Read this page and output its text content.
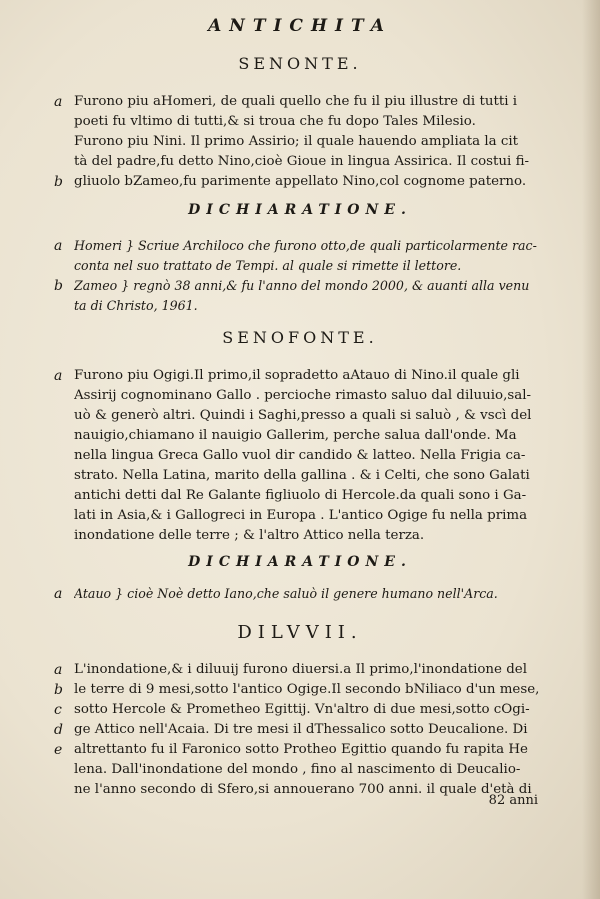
ANTICHITA
SENONTE.
a Furono piu aHomeri, de quali quello che fu il piu illustre di tutti i
poeti fu vltimo di tutti,& si troua che fu dopo Tales Milesio.
Furono piu Nini. Il primo Assirio; il quale hauendo ampliata la cit
tà del padre,fu detto Nino,cioè Gioue in lingua Assirica. Il costui fi-
b gliuolo bZameo,fu parimente appellato Nino,col cognome paterno.
DICHIARATIONE.
a Homeri } Scriue Archiloco che furono otto,de quali particolarmente rac-
conta nel suo trattato de Tempi. al quale si rimette il lettore.
b Zameo } regnò 38 anni,& fu l'anno del mondo 2000, & auanti alla venu
ta di Christo, 1961.
SENOFONTE.
a Furono piu Ogigi.Il primo,il sopradetto aAtauo di Nino.il quale gli
Assirij cognominano Gallo . percioche rimasto saluo dal diluuio,sal-
uò & generò altri. Quindi i Saghi,presso a quali si saluò , & vscì del
nauigio,chiamano il nauigio Gallerim, perche salua dall'onde. Ma
nella lingua Greca Gallo vuol dir candido & latteo. Nella Frigia ca-
strato. Nella Latina, marito della gallina . & i Celti, che sono Galati
antichi detti dal Re Galante figliuolo di Hercole.da quali sono i Ga-
lati in Asia,& i Gallogreci in Europa . L'antico Ogige fu nella prima
inondatione delle terre ; & l'altro Attico nella terza.
DICHIARATIONE.
a Atauo } cioè Noè detto Iano,che saluò il genere humano nell'Arca.
DILVVII.
a L'inondatione,& i diluuij furono diuersi.a Il primo,l'inondatione del
b le terre di 9 mesi,sotto l'antico Ogige.Il secondo bNiliaco d'un mese,
c sotto Hercole & Prometheo Egittij. Vn'altro di due mesi,sotto cOgi-
d ge Attico nell'Acaia. Di tre mesi il dThessalico sotto Deucalione. Di
e altrettanto fu il Faronico sotto Protheo Egittio quando fu rapita He
lena. Dall'inondatione del mondo , fino al nascimento di Deucalio-
ne l'anno secondo di Sfero,si annouerano 700 anni. il quale d'età di
82 anni
